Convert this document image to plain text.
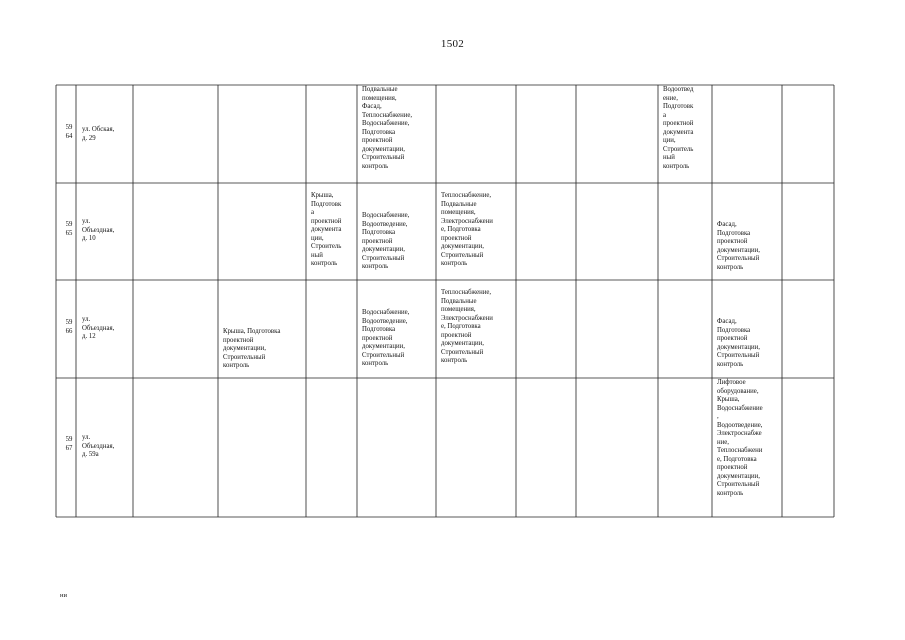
1502
59
64
ул. Обская,
д. 29
Подвальные
помещения,
Фасад,
Теплоснабжение,
Водоснабжение,
Подготовка
проектной
документации,
Строительный
контроль
Водоотвед
ение,
Подготовк
а
проектной
документа
ции,
Строитель
ный
контроль
59
65
ул.
Объездная,
д. 10
Крыша,
Подготовк
а
проектной
документа
ции,
Строитель
ный
контроль
Водоснабжение,
Водоотведение,
Подготовка
проектной
документации,
Строительный
контроль
Теплоснабжение,
Подвальные
помещения,
Электроснабжени
е, Подготовка
проектной
документации,
Строительный
контроль
Фасад,
Подготовка
проектной
документации,
Строительный
контроль
59
66
ул.
Объездная,
д. 12
Крыша, Подготовка
проектной
документации,
Строительный
контроль
Водоснабжение,
Водоотведение,
Подготовка
проектной
документации,
Строительный
контроль
Теплоснабжение,
Подвальные
помещения,
Электроснабжени
е, Подготовка
проектной
документации,
Строительный
контроль
Фасад,
Подготовка
проектной
документации,
Строительный
контроль
59
67
ул.
Объездная,
д. 59а
Лифтовое
оборудование,
Крыша,
Водоснабжение
,
Водоотведение,
Электроснабже
ние,
Теплоснабжени
е, Подготовка
проектной
документации,
Строительный
контроль
ни
